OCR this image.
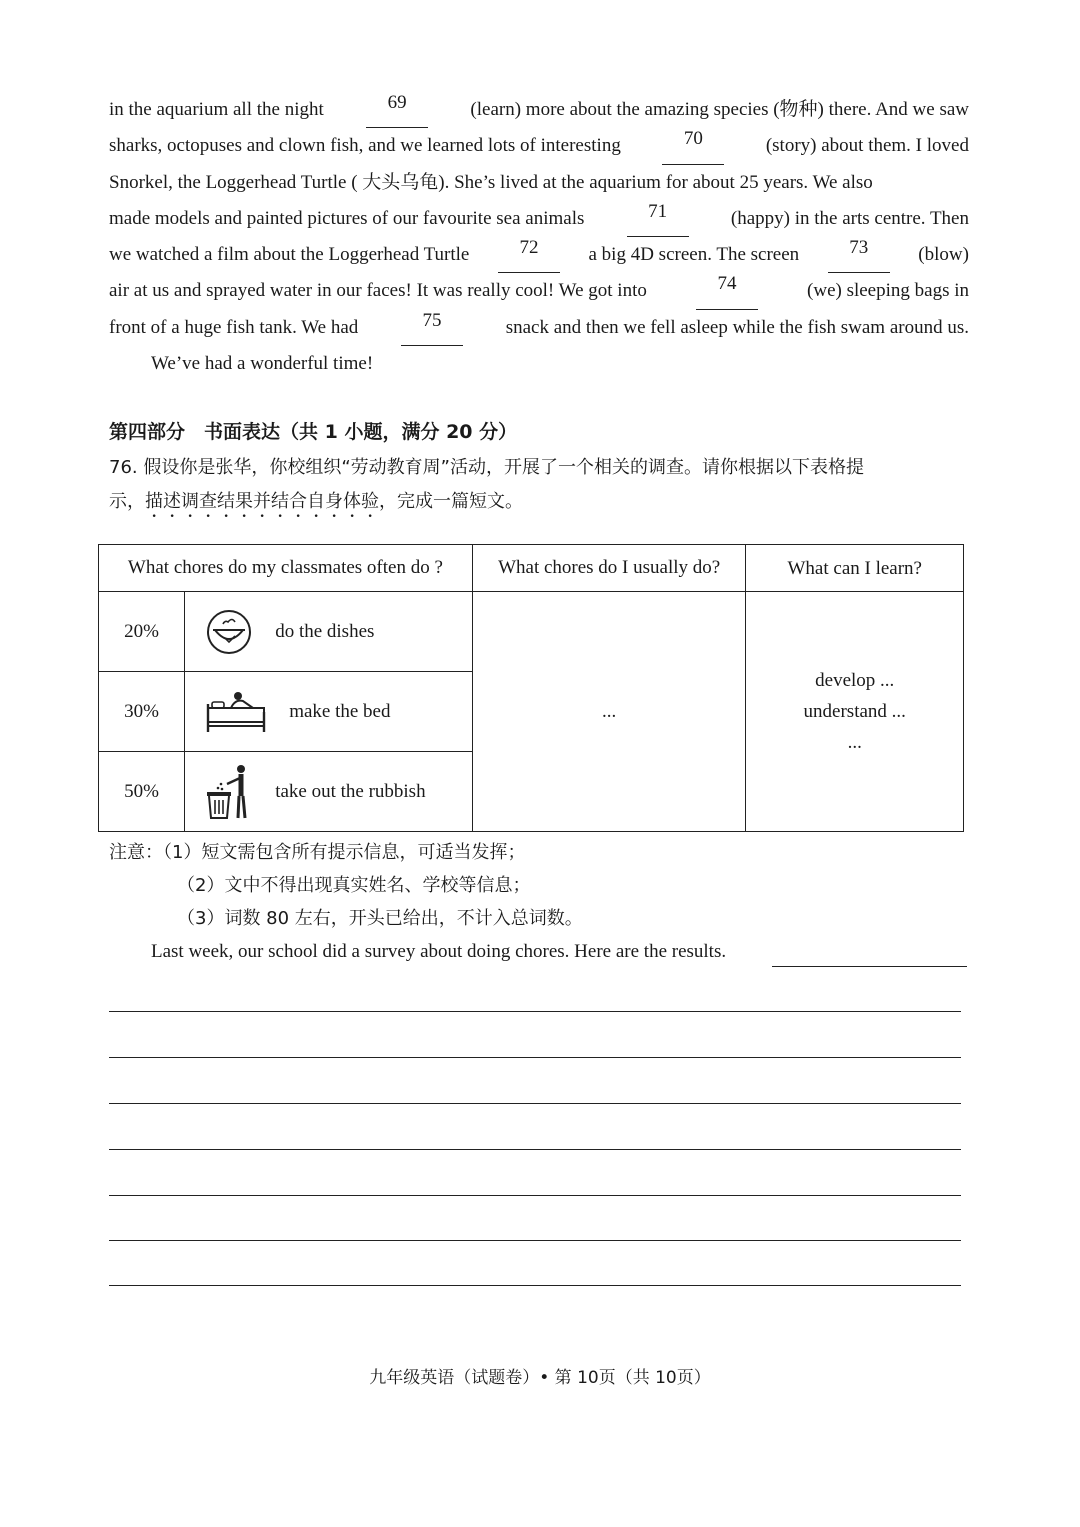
in the aquarium all the night	69	(learn) more about the amazing species (物种) there. And we saw
sharks, octopuses and clown fish, and we learned lots of interesting	70	(story) about them. I loved
Snorkel, the Loggerhead Turtle ( 大头乌龟). She’s lived at the aquarium for about 25 years. We also
made models and painted pictures of our favourite sea animals	71	(happy) in the arts centre. Then
we watched a film about the Loggerhead Turtle	72	a big 4D screen. The screen	73	(blow)
air at us and sprayed water in our faces! It was really cool! We got into	74	(we) sleeping bags in
front of a huge fish tank. We had	75	snack and then we fell asleep while the fish swam around us.
We’ve had a wonderful time!
第四部分　书面表达（共 1 小题，满分 20 分）
76. 假设你是张华，你校组织“劳动教育周”活动，开展了一个相关的调查。请你根据以下表格提
示， 描述调查结果并结合自身体验 ，完成一篇短文。
What chores do my classmates often do ?		What chores do I usually do?	What can I learn?
20%	do the dishes	...	develop ...
understand ...
...

30%	make the bed		

50%	take out the rubbish		
注意：（1）短文需包含所有提示信息，可适当发挥；
（2）文中不得出现真实姓名、学校等信息；
（3）词数 80 左右，开头已给出，不计入总词数。
Last week, our school did a survey about doing chores. Here are the results.
九年级英语（试题卷）• 第 10页（共 10页）
